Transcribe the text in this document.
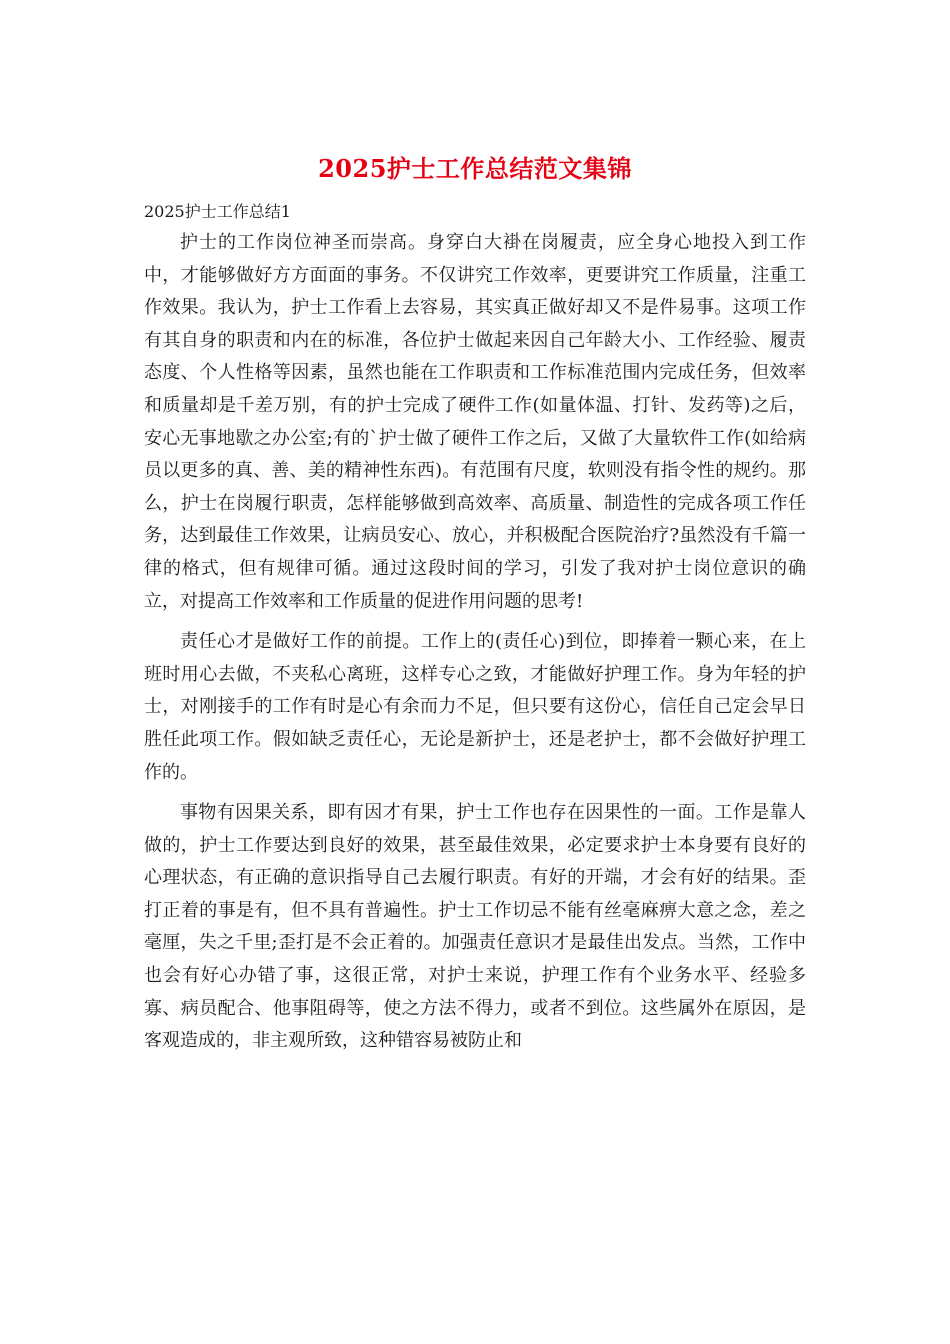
2025护士工作总结范文集锦
2025护士工作总结1

护士的工作岗位神圣而崇高。身穿白大褂在岗履责，应全身心地投入到工作中，才能够做好方方面面的事务。不仅讲究工作效率，更要讲究工作质量，注重工作效果。我认为，护士工作看上去容易，其实真正做好却又不是件易事。这项工作有其自身的职责和内在的标准，各位护士做起来因自己年龄大小、工作经验、履责态度、个人性格等因素，虽然也能在工作职责和工作标准范围内完成任务，但效率和质量却是千差万别，有的护士完成了硬件工作(如量体温、打针、发药等)之后，安心无事地歇之办公室;有的`护士做了硬件工作之后，又做了大量软件工作(如给病员以更多的真、善、美的精神性东西)。有范围有尺度，软则没有指令性的规约。那么，护士在岗履行职责，怎样能够做到高效率、高质量、制造性的完成各项工作任务，达到最佳工作效果，让病员安心、放心，并积极配合医院治疗?虽然没有千篇一律的格式，但有规律可循。通过这段时间的学习，引发了我对护士岗位意识的确立，对提高工作效率和工作质量的促进作用问题的思考!

责任心才是做好工作的前提。工作上的(责任心)到位，即捧着一颗心来，在上班时用心去做，不夹私心离班，这样专心之致，才能做好护理工作。身为年轻的护士，对刚接手的工作有时是心有余而力不足，但只要有这份心，信任自己定会早日胜任此项工作。假如缺乏责任心，无论是新护士，还是老护士，都不会做好护理工作的。

事物有因果关系，即有因才有果，护士工作也存在因果性的一面。工作是靠人做的，护士工作要达到良好的效果，甚至最佳效果，必定要求护士本身要有良好的心理状态，有正确的意识指导自己去履行职责。有好的开端，才会有好的结果。歪打正着的事是有，但不具有普遍性。护士工作切忌不能有丝毫麻痹大意之念，差之毫厘，失之千里;歪打是不会正着的。加强责任意识才是最佳出发点。当然，工作中也会有好心办错了事，这很正常，对护士来说，护理工作有个业务水平、经验多寡、病员配合、他事阻碍等，使之方法不得力，或者不到位。这些属外在原因，是客观造成的，非主观所致，这种错容易被防止和
